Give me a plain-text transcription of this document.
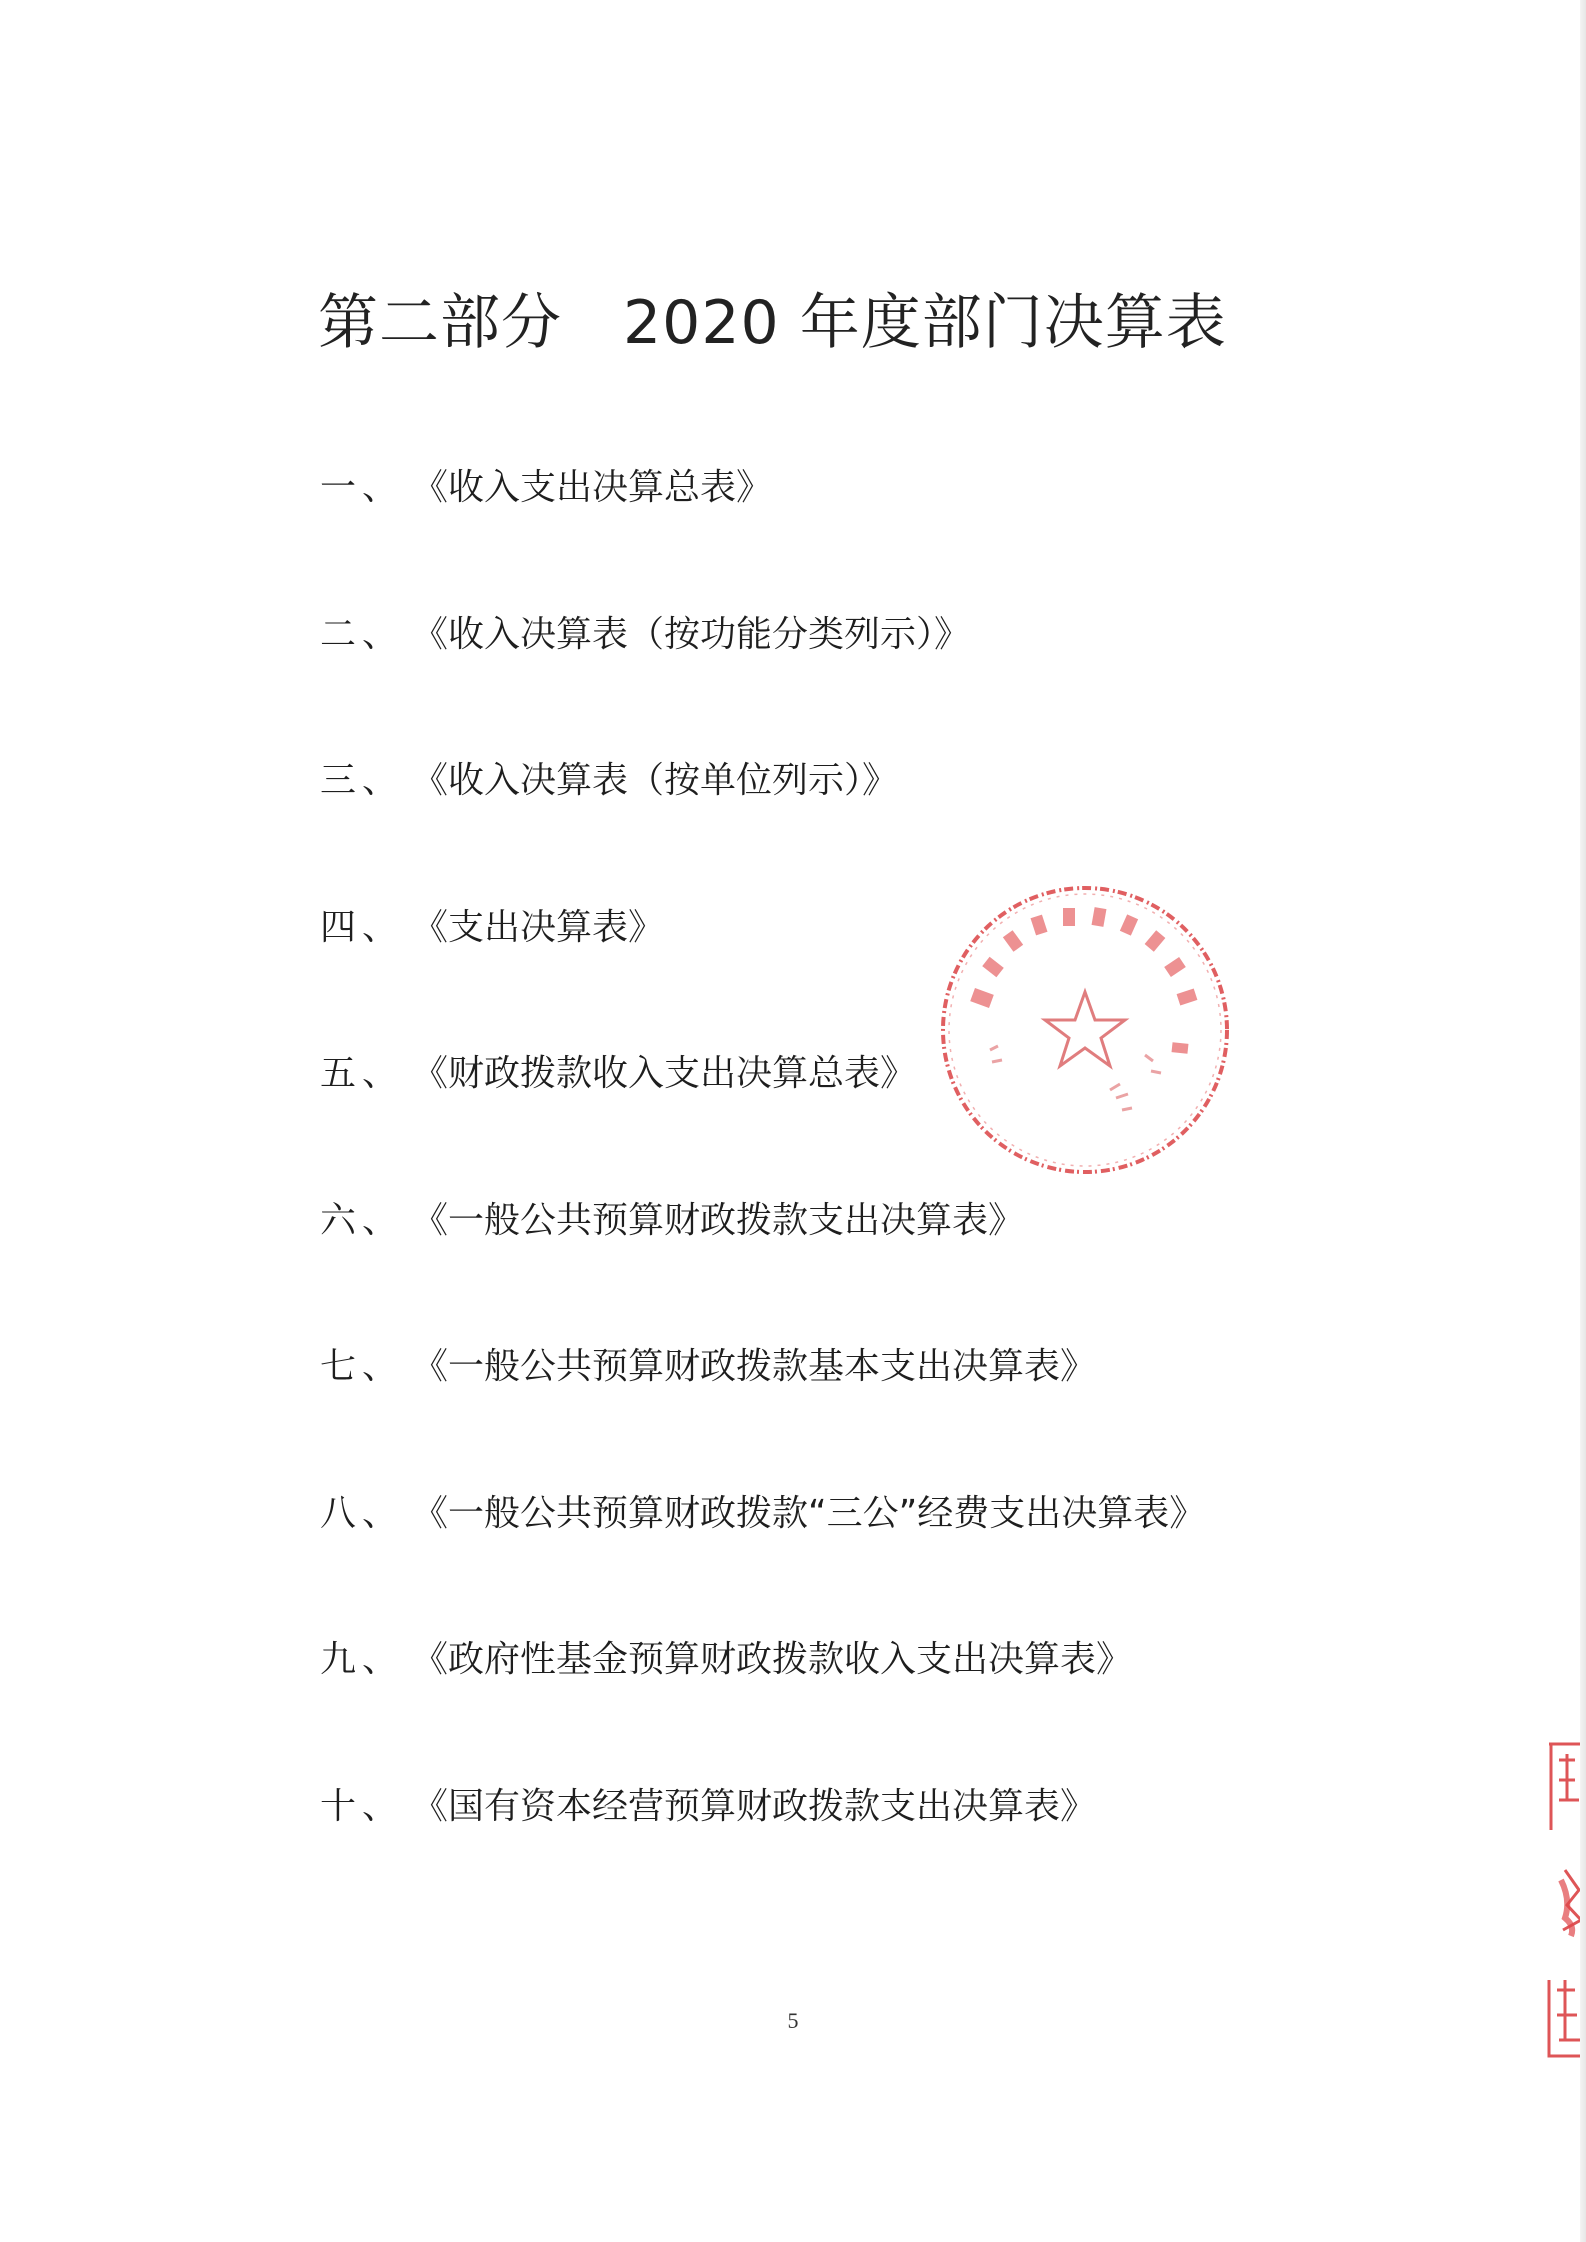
第二部分　2020 年度部门决算表
一、 《收入支出决算总表》
二、 《收入决算表（按功能分类列示）》
三、 《收入决算表（按单位列示）》
四、 《支出决算表》
五、 《财政拨款收入支出决算总表》
六、 《一般公共预算财政拨款支出决算表》
七、 《一般公共预算财政拨款基本支出决算表》
八、 《一般公共预算财政拨款“三公”经费支出决算表》
九、 《政府性基金预算财政拨款收入支出决算表》
十、 《国有资本经营预算财政拨款支出决算表》
5
